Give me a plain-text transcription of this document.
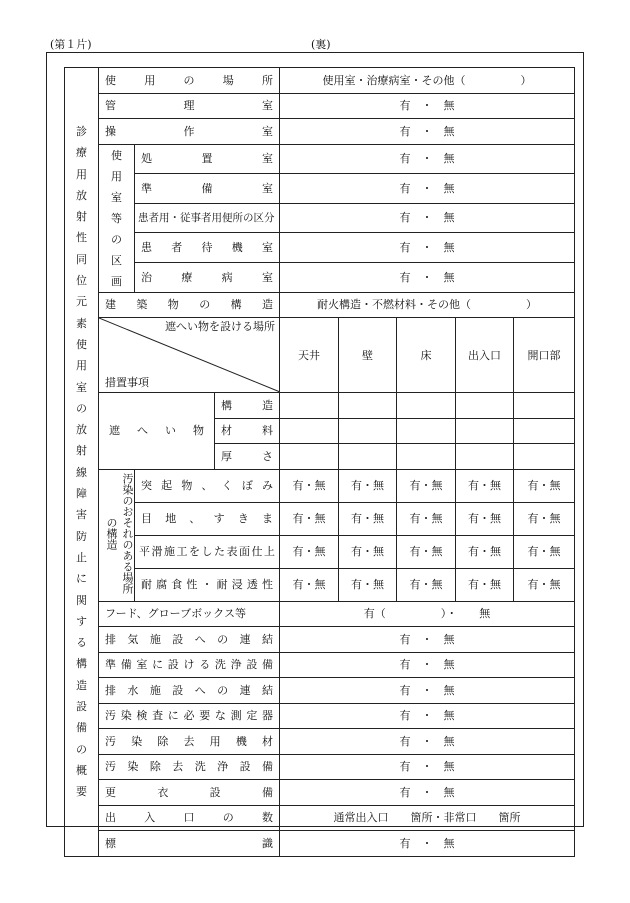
(第１片)	(裏)
診療用放射性同位元素使用室の放射線障害防止に関する構造設備の概要	使用の場所			使用室・治療病室・その他（　　　　　）				
	管理室			有　・　無				
	操作室			有　・　無				
	使用室等の区画	処置室		有　・　無				
		準備室		有　・　無				
		患者用・従事者用便所の区分		有　・　無				
		患者待機室		有　・　無				
		治療病室		有　・　無				
	建築物の構造			耐火構造・不燃材料・その他（　　　　　）				

	遮へい物を設ける場所
措置事項			天井	壁	床	出入口	開口部
	遮へい物		構造					
			材料					
			厚さ					
	汚染のおそれのある場所の構造	突起物、くぼみ		有・無	有・無	有・無	有・無	有・無
		目地、すきま		有・無	有・無	有・無	有・無	有・無
		平滑施工をした表面仕上		有・無	有・無	有・無	有・無	有・無
		耐腐食性・耐浸透性		有・無	有・無	有・無	有・無	有・無
	フード、グローブボックス等			有（　　　　　）・　　無				
	排気施設への連結			有　・　無				
	準備室に設ける洗浄設備			有　・　無				
	排水施設への連結			有　・　無				
	汚染検査に必要な測定器			有　・　無				
	汚染除去用機材			有　・　無				
	汚染除去洗浄設備			有　・　無				
	更衣設備			有　・　無				
	出入口の数			通常出入口　　箇所・非常口　　箇所				
	標識			有　・　無				
